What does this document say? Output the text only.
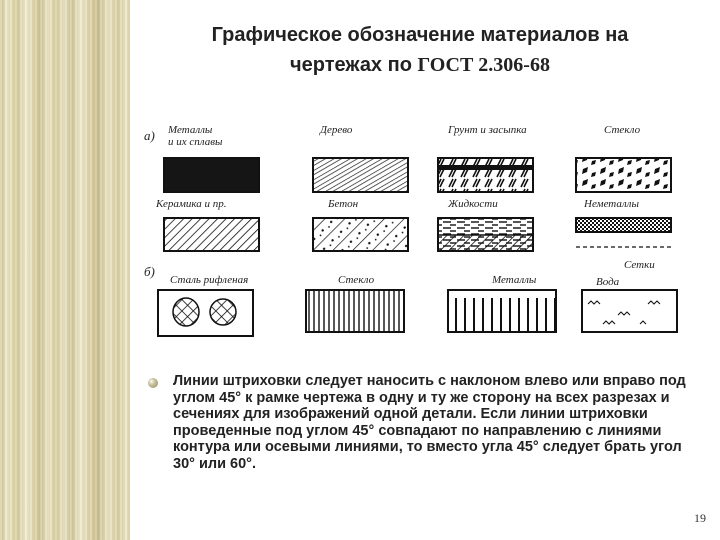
Графическое обозначение материалов на
чертежах по ГОСТ 2.306-68
а) Металлы
и их сплавы
Дерево	Грунт и засыпка	Стекло
Керамика и пр.	Бетон	Жидкости	Неметаллы
б)	Сетки
Сталь рифленая	Стекло	Металлы	Вода
Линии штриховки следует наносить с наклоном влево или вправо под углом 45° к рамке чертежа в одну и ту же сторону на всех разрезах и сечениях для изображений одной детали. Если линии штриховки проведенные под углом 45° совпадают по направлению с линиями контура или осевыми линиями, то вместо угла 45° следует брать угол 30° или 60°.
19
